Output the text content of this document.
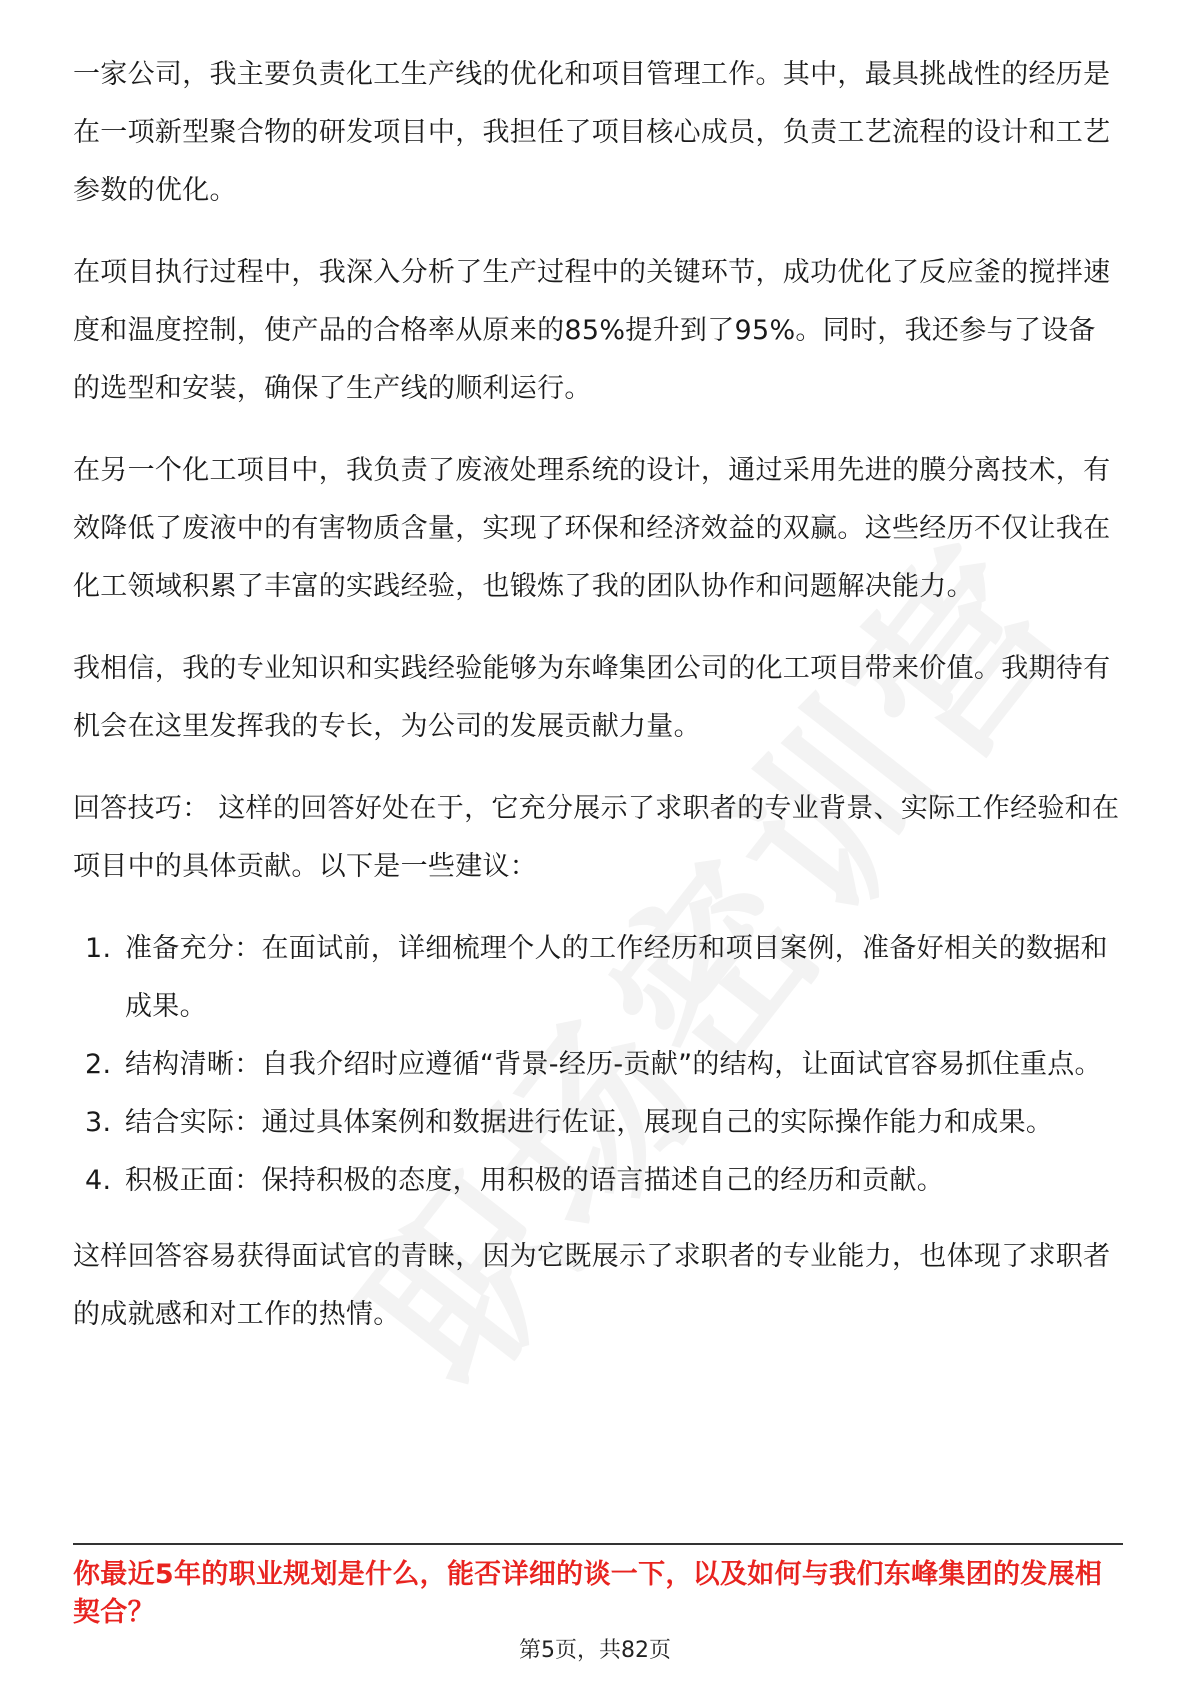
一家公司，我主要负责化工生产线的优化和项目管理工作。其中，最具挑战性的经历是在一项新型聚合物的研发项目中，我担任了项目核心成员，负责工艺流程的设计和工艺参数的优化。

在项目执行过程中，我深入分析了生产过程中的关键环节，成功优化了反应釜的搅拌速度和温度控制，使产品的合格率从原来的85%提升到了95%。同时，我还参与了设备的选型和安装，确保了生产线的顺利运行。

在另一个化工项目中，我负责了废液处理系统的设计，通过采用先进的膜分离技术，有效降低了废液中的有害物质含量，实现了环保和经济效益的双赢。这些经历不仅让我在化工领域积累了丰富的实践经验，也锻炼了我的团队协作和问题解决能力。

我相信，我的专业知识和实践经验能够为东峰集团公司的化工项目带来价值。我期待有机会在这里发挥我的专长，为公司的发展贡献力量。

回答技巧： 这样的回答好处在于，它充分展示了求职者的专业背景、实际工作经验和在项目中的具体贡献。以下是一些建议：

1. 准备充分：在面试前，详细梳理个人的工作经历和项目案例，准备好相关的数据和成果。
2. 结构清晰：自我介绍时应遵循“背景-经历-贡献”的结构，让面试官容易抓住重点。
3. 结合实际：通过具体案例和数据进行佐证，展现自己的实际操作能力和成果。
4. 积极正面：保持积极的态度，用积极的语言描述自己的经历和贡献。

这样回答容易获得面试官的青睐，因为它既展示了求职者的专业能力，也体现了求职者的成就感和对工作的热情。

你最近5年的职业规划是什么，能否详细的谈一下，以及如何与我们东峰集团的发展相契合？
第5页，共82页
